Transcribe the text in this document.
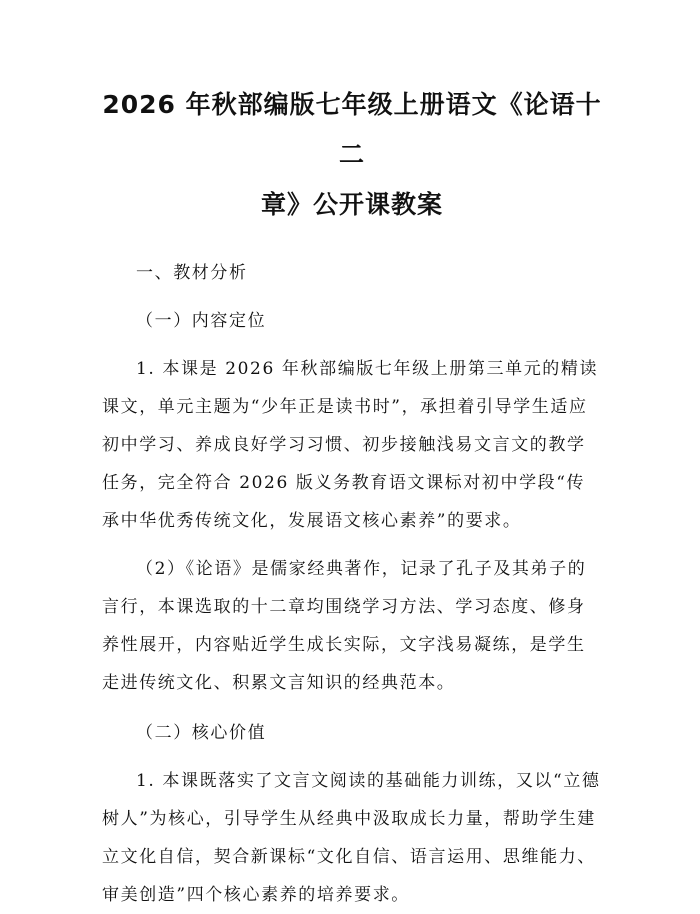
2026 年秋部编版七年级上册语文《论语十二
章》公开课教案

一、教材分析

（一）内容定位

1. 本课是 2026 年秋部编版七年级上册第三单元的精读课文，单元主题为“少年正是读书时”，承担着引导学生适应初中学习、养成良好学习习惯、初步接触浅易文言文的教学任务，完全符合 2026 版义务教育语文课标对初中学段“传承中华优秀传统文化，发展语文核心素养”的要求。

（2）《论语》是儒家经典著作，记录了孔子及其弟子的言行，本课选取的十二章均围绕学习方法、学习态度、修身养性展开，内容贴近学生成长实际，文字浅易凝练，是学生走进传统文化、积累文言知识的经典范本。

（二）核心价值

1. 本课既落实了文言文阅读的基础能力训练，又以“立德树人”为核心，引导学生从经典中汲取成长力量，帮助学生建立文化自信，契合新课标“文化自信、语言运用、思维能力、审美创造”四个核心素养的培养要求。
